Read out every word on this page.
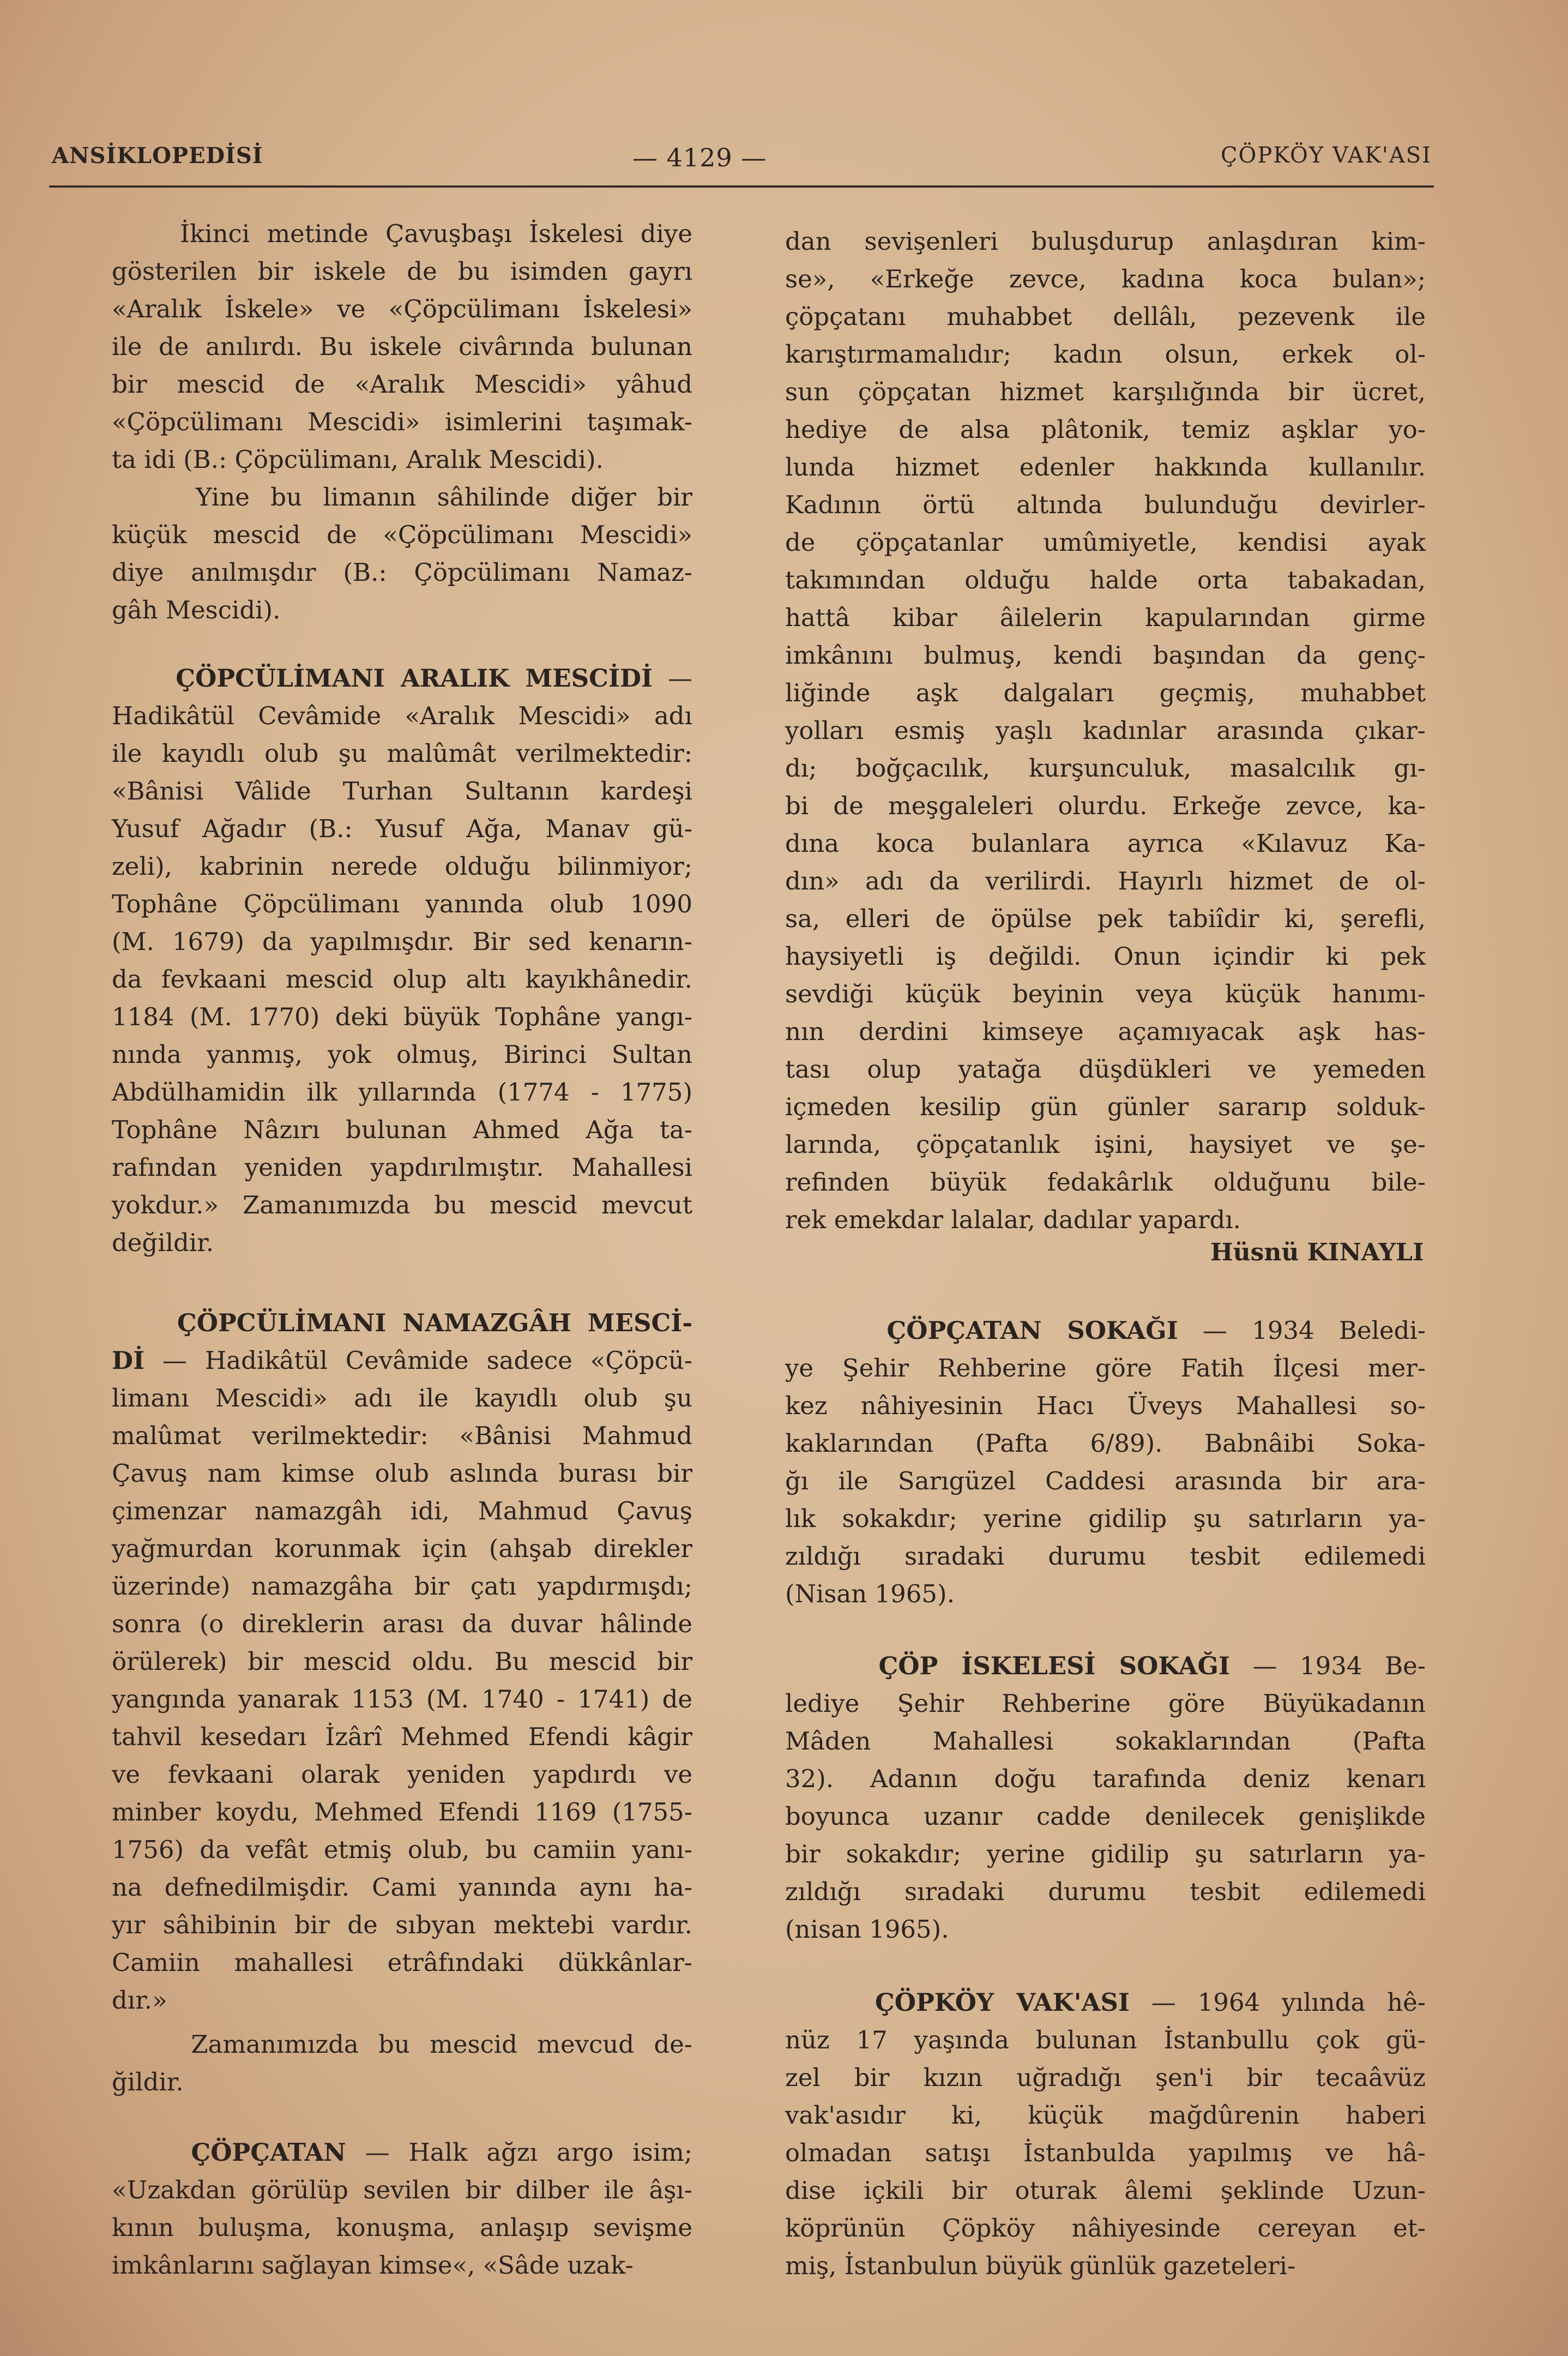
ANSİKLOPEDİSİ	— 4129 —	ÇÖPKÖY VAK'ASI
İkinci metinde Çavuşbaşı İskelesi diye
gösterilen bir iskele de bu isimden gayrı
«Aralık İskele» ve «Çöpcülimanı İskelesi»
ile de anılırdı. Bu iskele civârında bulunan
bir mescid de «Aralık Mescidi» yâhud
«Çöpcülimanı Mescidi» isimlerini taşımak-
ta idi (B.: Çöpcülimanı, Aralık Mescidi).
Yine bu limanın sâhilinde diğer bir
küçük mescid de «Çöpcülimanı Mescidi»
diye anılmışdır (B.: Çöpcülimanı Namaz-
gâh Mescidi).
ÇÖPCÜLİMANI ARALIK MESCİDİ —
Hadikâtül Cevâmide «Aralık Mescidi» adı
ile kayıdlı olub şu malûmât verilmektedir:
«Bânisi Vâlide Turhan Sultanın kardeşi
Yusuf Ağadır (B.: Yusuf Ağa, Manav gü-
zeli), kabrinin nerede olduğu bilinmiyor;
Tophâne Çöpcülimanı yanında olub 1090
(M. 1679) da yapılmışdır. Bir sed kenarın-
da fevkaani mescid olup altı kayıkhânedir.
1184 (M. 1770) deki büyük Tophâne yangı-
nında yanmış, yok olmuş, Birinci Sultan
Abdülhamidin ilk yıllarında (1774 - 1775)
Tophâne Nâzırı bulunan Ahmed Ağa ta-
rafından yeniden yapdırılmıştır. Mahallesi
yokdur.» Zamanımızda bu mescid mevcut
değildir.
ÇÖPCÜLİMANI NAMAZGÂH MESCİ-
Dİ — Hadikâtül Cevâmide sadece «Çöpcü-
limanı Mescidi» adı ile kayıdlı olub şu
malûmat verilmektedir: «Bânisi Mahmud
Çavuş nam kimse olub aslında burası bir
çimenzar namazgâh idi, Mahmud Çavuş
yağmurdan korunmak için (ahşab direkler
üzerinde) namazgâha bir çatı yapdırmışdı;
sonra (o direklerin arası da duvar hâlinde
örülerek) bir mescid oldu. Bu mescid bir
yangında yanarak 1153 (M. 1740 - 1741) de
tahvil kesedarı İzârî Mehmed Efendi kâgir
ve fevkaani olarak yeniden yapdırdı ve
minber koydu, Mehmed Efendi 1169 (1755-
1756) da vefât etmiş olub, bu camiin yanı-
na defnedilmişdir. Cami yanında aynı ha-
yır sâhibinin bir de sıbyan mektebi vardır.
Camiin mahallesi etrâfındaki dükkânlar-
dır.»
Zamanımızda bu mescid mevcud de-
ğildir.
ÇÖPÇATAN — Halk ağzı argo isim;
«Uzakdan görülüp sevilen bir dilber ile âşı-
kının buluşma, konuşma, anlaşıp sevişme
imkânlarını sağlayan kimse«, «Sâde uzak-
dan sevişenleri buluşdurup anlaşdıran kim-
se», «Erkeğe zevce, kadına koca bulan»;
çöpçatanı muhabbet dellâlı, pezevenk ile
karıştırmamalıdır; kadın olsun, erkek ol-
sun çöpçatan hizmet karşılığında bir ücret,
hediye de alsa plâtonik, temiz aşklar yo-
lunda hizmet edenler hakkında kullanılır.
Kadının örtü altında bulunduğu devirler-
de çöpçatanlar umûmiyetle, kendisi ayak
takımından olduğu halde orta tabakadan,
hattâ kibar âilelerin kapularından girme
imkânını bulmuş, kendi başından da genç-
liğinde aşk dalgaları geçmiş, muhabbet
yolları esmiş yaşlı kadınlar arasında çıkar-
dı; boğçacılık, kurşunculuk, masalcılık gı-
bi de meşgaleleri olurdu. Erkeğe zevce, ka-
dına koca bulanlara ayrıca «Kılavuz Ka-
dın» adı da verilirdi. Hayırlı hizmet de ol-
sa, elleri de öpülse pek tabiîdir ki, şerefli,
haysiyetli iş değildi. Onun içindir ki pek
sevdiği küçük beyinin veya küçük hanımı-
nın derdini kimseye açamıyacak aşk has-
tası olup yatağa düşdükleri ve yemeden
içmeden kesilip gün günler sararıp solduk-
larında, çöpçatanlık işini, haysiyet ve şe-
refinden büyük fedakârlık olduğunu bile-
rek emekdar lalalar, dadılar yapardı.
Hüsnü KINAYLI
ÇÖPÇATAN SOKAĞI — 1934 Beledi-
ye Şehir Rehberine göre Fatih İlçesi mer-
kez nâhiyesinin Hacı Üveys Mahallesi so-
kaklarından (Pafta 6/89). Babnâibi Soka-
ğı ile Sarıgüzel Caddesi arasında bir ara-
lık sokakdır; yerine gidilip şu satırların ya-
zıldığı sıradaki durumu tesbit edilemedi
(Nisan 1965).
ÇÖP İSKELESİ SOKAĞI — 1934 Be-
lediye Şehir Rehberine göre Büyükadanın
Mâden Mahallesi sokaklarından (Pafta
32). Adanın doğu tarafında deniz kenarı
boyunca uzanır cadde denilecek genişlikde
bir sokakdır; yerine gidilip şu satırların ya-
zıldığı sıradaki durumu tesbit edilemedi
(nisan 1965).
ÇÖPKÖY VAK'ASI — 1964 yılında hê-
nüz 17 yaşında bulunan İstanbullu çok gü-
zel bir kızın uğradığı şen'i bir tecaâvüz
vak'asıdır ki, küçük mağdûrenin haberi
olmadan satışı İstanbulda yapılmış ve hâ-
dise içkili bir oturak âlemi şeklinde Uzun-
köprünün Çöpköy nâhiyesinde cereyan et-
miş, İstanbulun büyük günlük gazeteleri-
